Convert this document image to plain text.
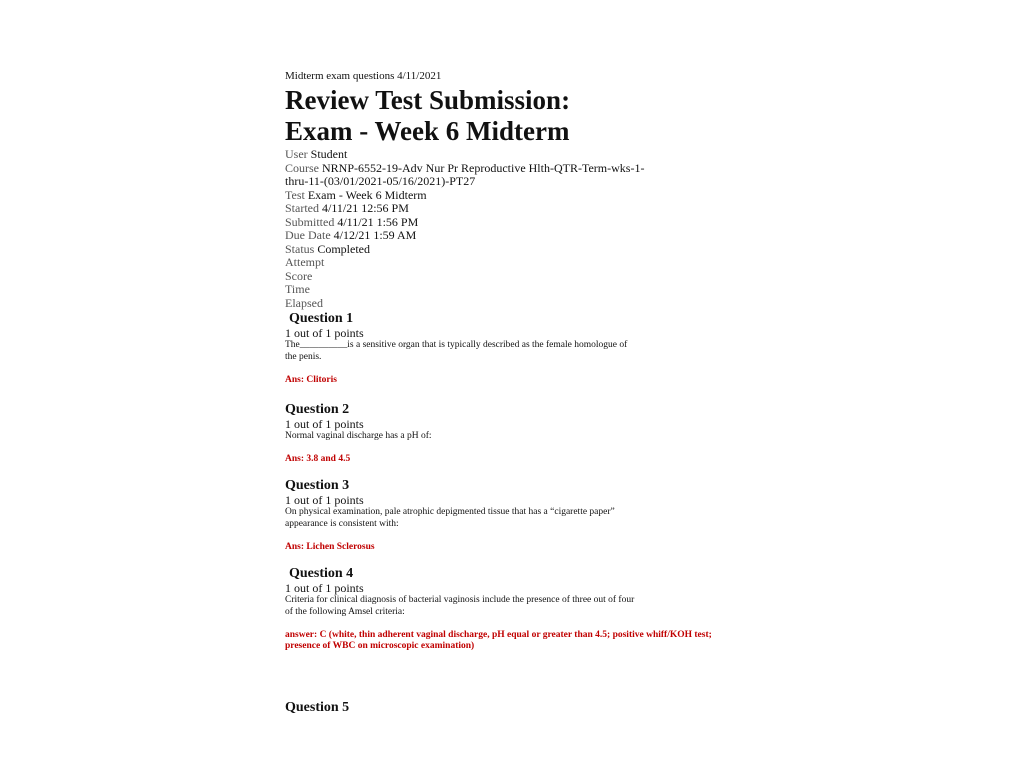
Midterm exam questions 4/11/2021
Review Test Submission:
Exam - Week 6 Midterm
User Student
Course NRNP-6552-19-Adv Nur Pr Reproductive Hlth-QTR-Term-wks-1-thru-11-(03/01/2021-05/16/2021)-PT27
Test Exam - Week 6 Midterm
Started 4/11/21 12:56 PM
Submitted 4/11/21 1:56 PM
Due Date 4/12/21 1:59 AM
Status Completed
Attempt
Score
Time
Elapsed
Question 1
1 out of 1 points
The__________is a sensitive organ that is typically described as the female homologue of the penis.
Ans: Clitoris
Question 2
1 out of 1 points
Normal vaginal discharge has a pH of:
Ans: 3.8 and 4.5
Question 3
1 out of 1 points
On physical examination, pale atrophic depigmented tissue that has a “cigarette paper” appearance is consistent with:
Ans: Lichen Sclerosus
Question 4
1 out of 1 points
Criteria for clinical diagnosis of bacterial vaginosis include the presence of three out of four of the following Amsel criteria:
answer: C (white, thin adherent vaginal discharge, pH equal or greater than 4.5; positive whiff/KOH test; presence of WBC on microscopic examination)
Question 5
